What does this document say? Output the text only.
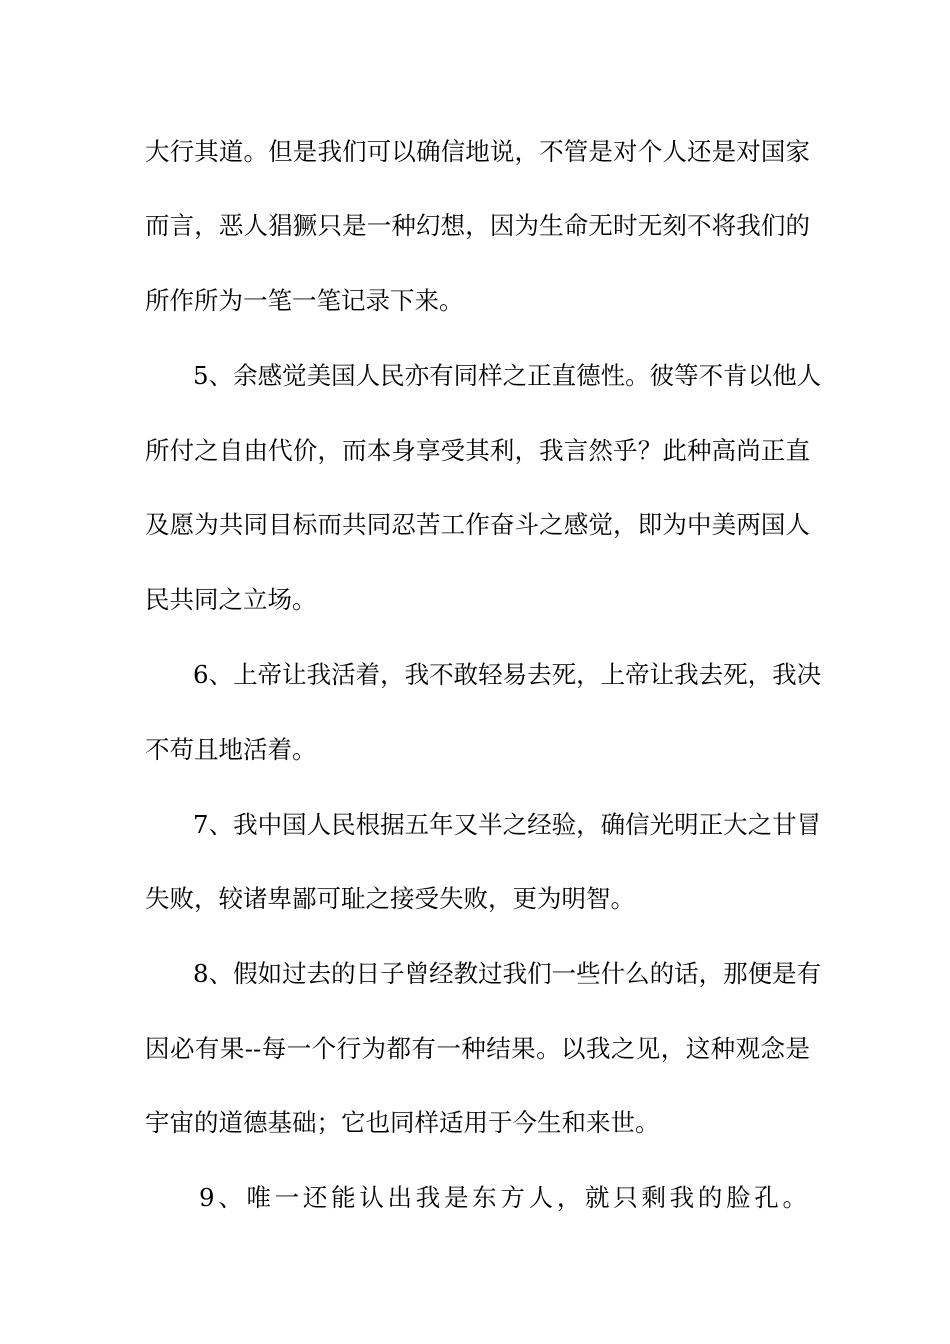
大行其道。但是我们可以确信地说，不管是对个人还是对国家
而言，恶人猖獗只是一种幻想，因为生命无时无刻不将我们的
所作所为一笔一笔记录下来。
5、余感觉美国人民亦有同样之正直德性。彼等不肯以他人
所付之自由代价，而本身享受其利，我言然乎？此种高尚正直
及愿为共同目标而共同忍苦工作奋斗之感觉，即为中美两国人
民共同之立场。
6、上帝让我活着，我不敢轻易去死，上帝让我去死，我决
不苟且地活着。
7、我中国人民根据五年又半之经验，确信光明正大之甘冒
失败，较诸卑鄙可耻之接受失败，更为明智。
8、假如过去的日子曾经教过我们一些什么的话，那便是有
因必有果--每一个行为都有一种结果。以我之见，这种观念是
宇宙的道德基础；它也同样适用于今生和来世。
9、唯一还能认出我是东方人，就只剩我的脸孔。
